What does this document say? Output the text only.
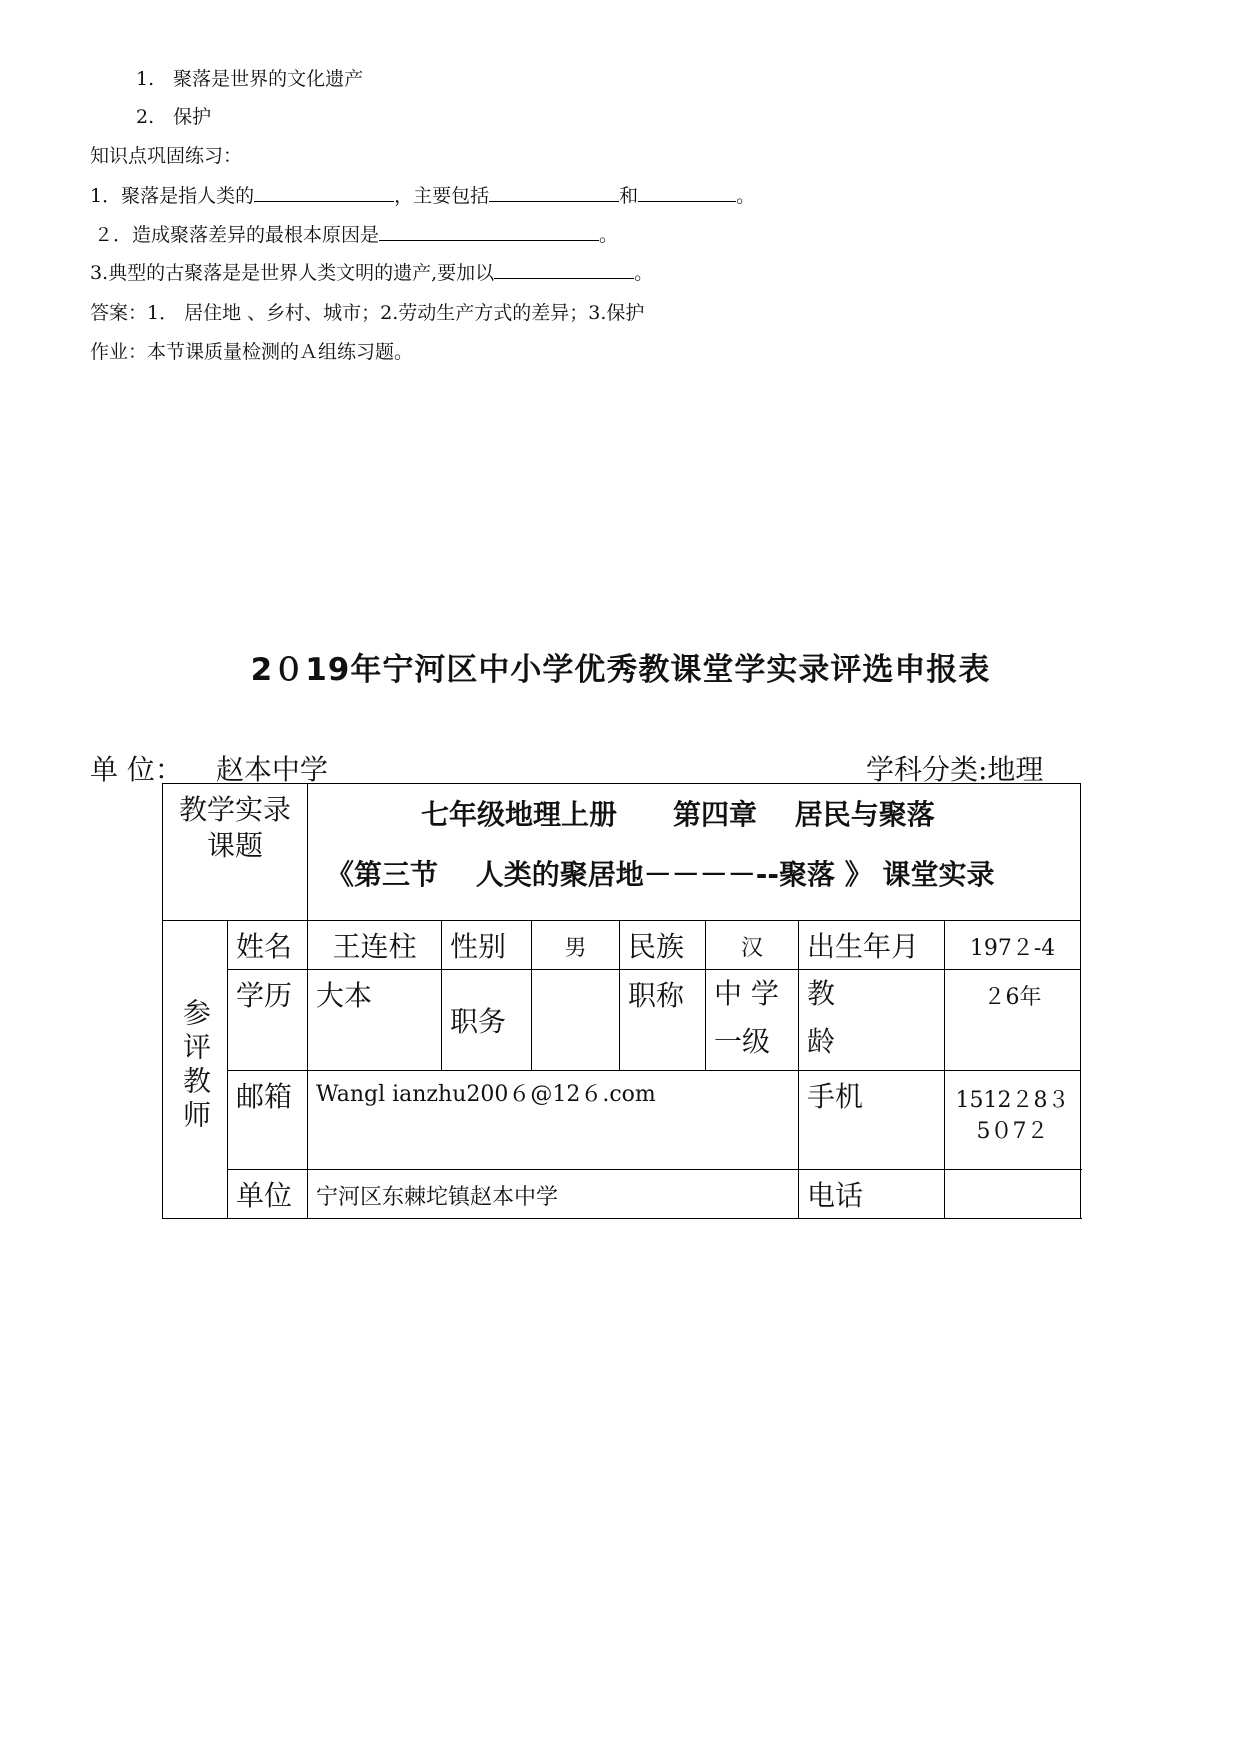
1.　聚落是世界的文化遗产
2.　保护
知识点巩固练习：
1．聚落是指人类的	，主要包括	和	。
２．造成聚落差异的最根本原因是	。
3.典型的古聚落是是世界人类文明的遗产,要加以	。
答案：1． 居住地 、乡村、城市；2.劳动生产方式的差异；3.保护
作业：本节课质量检测的Ａ组练习题。
2０19年宁河区中小学优秀教课堂学实录评选申报表
单 位： 赵本中学	学科分类:地理
教学实录课题		七年级地理上册　　第四章　 居民与聚落
《第三节　 人类的聚居地－－－－--聚落 》 课堂实录						

参评教师	姓名	王连柱	性别	男	民族	汉	出生年月	197２-4
	学历	大本	职务		职称	中 学一级	教 龄	２6年
	邮箱	Wangl ianzhu200６@12６.com					手机	1512２8３ 5０7２
	单位	宁河区东棘坨镇赵本中学					电话	
